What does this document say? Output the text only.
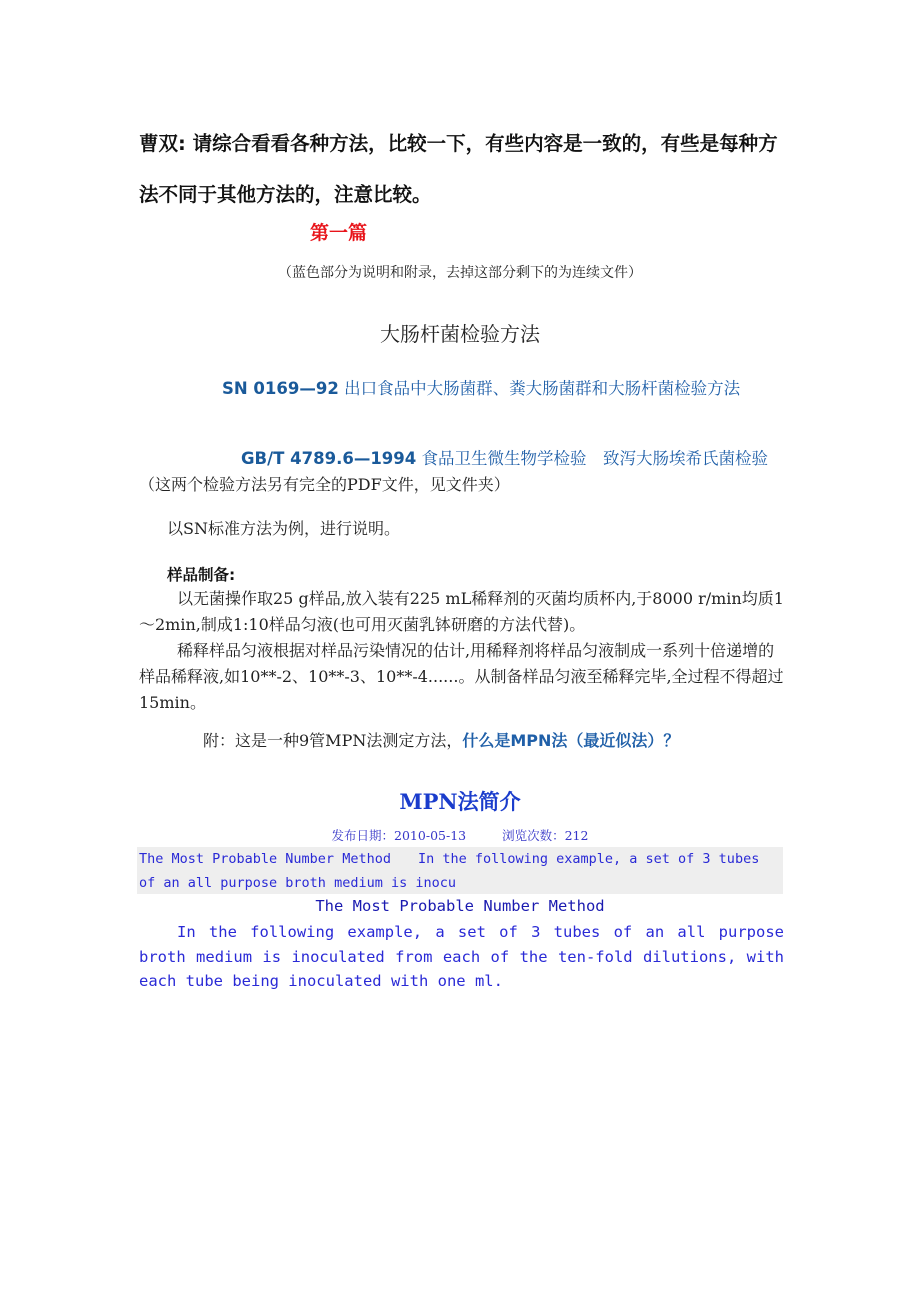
曹双: 请综合看看各种方法，比较一下，有些内容是一致的，有些是每种方法不同于其他方法的，注意比较。
第一篇
（蓝色部分为说明和附录，去掉这部分剩下的为连续文件）
大肠杆菌检验方法
SN 0169—92 出口食品中大肠菌群、粪大肠菌群和大肠杆菌检验方法
GB/T 4789.6—1994 食品卫生微生物学检验　致泻大肠埃希氏菌检验 （这两个检验方法另有完全的PDF文件，见文件夹）
以SN标准方法为例，进行说明。
样品制备:

以无菌操作取25 g样品,放入装有225 mL稀释剂的灭菌均质杯内,于8000 r/min均质1～2min,制成1:10样品匀液(也可用灭菌乳钵研磨的方法代替)。

稀释样品匀液根据对样品污染情况的估计,用稀释剂将样品匀液制成一系列十倍递增的样品稀释液,如10**-2、10**-3、10**-4......。从制备样品匀液至稀释完毕,全过程不得超过15min。

附：这是一种9管MPN法测定方法，什么是MPN法（最近似法）？
MPN法简介
发布日期：2010-05-13	浏览次数：212
The Most Probable Number Method　　In the following example, a set of 3 tubes of an all purpose broth medium is inocu
The Most Probable Number Method
In the following example, a set of 3 tubes of an all purpose broth medium is inoculated from each of the ten-fold dilutions, with each tube being inoculated with one ml.
